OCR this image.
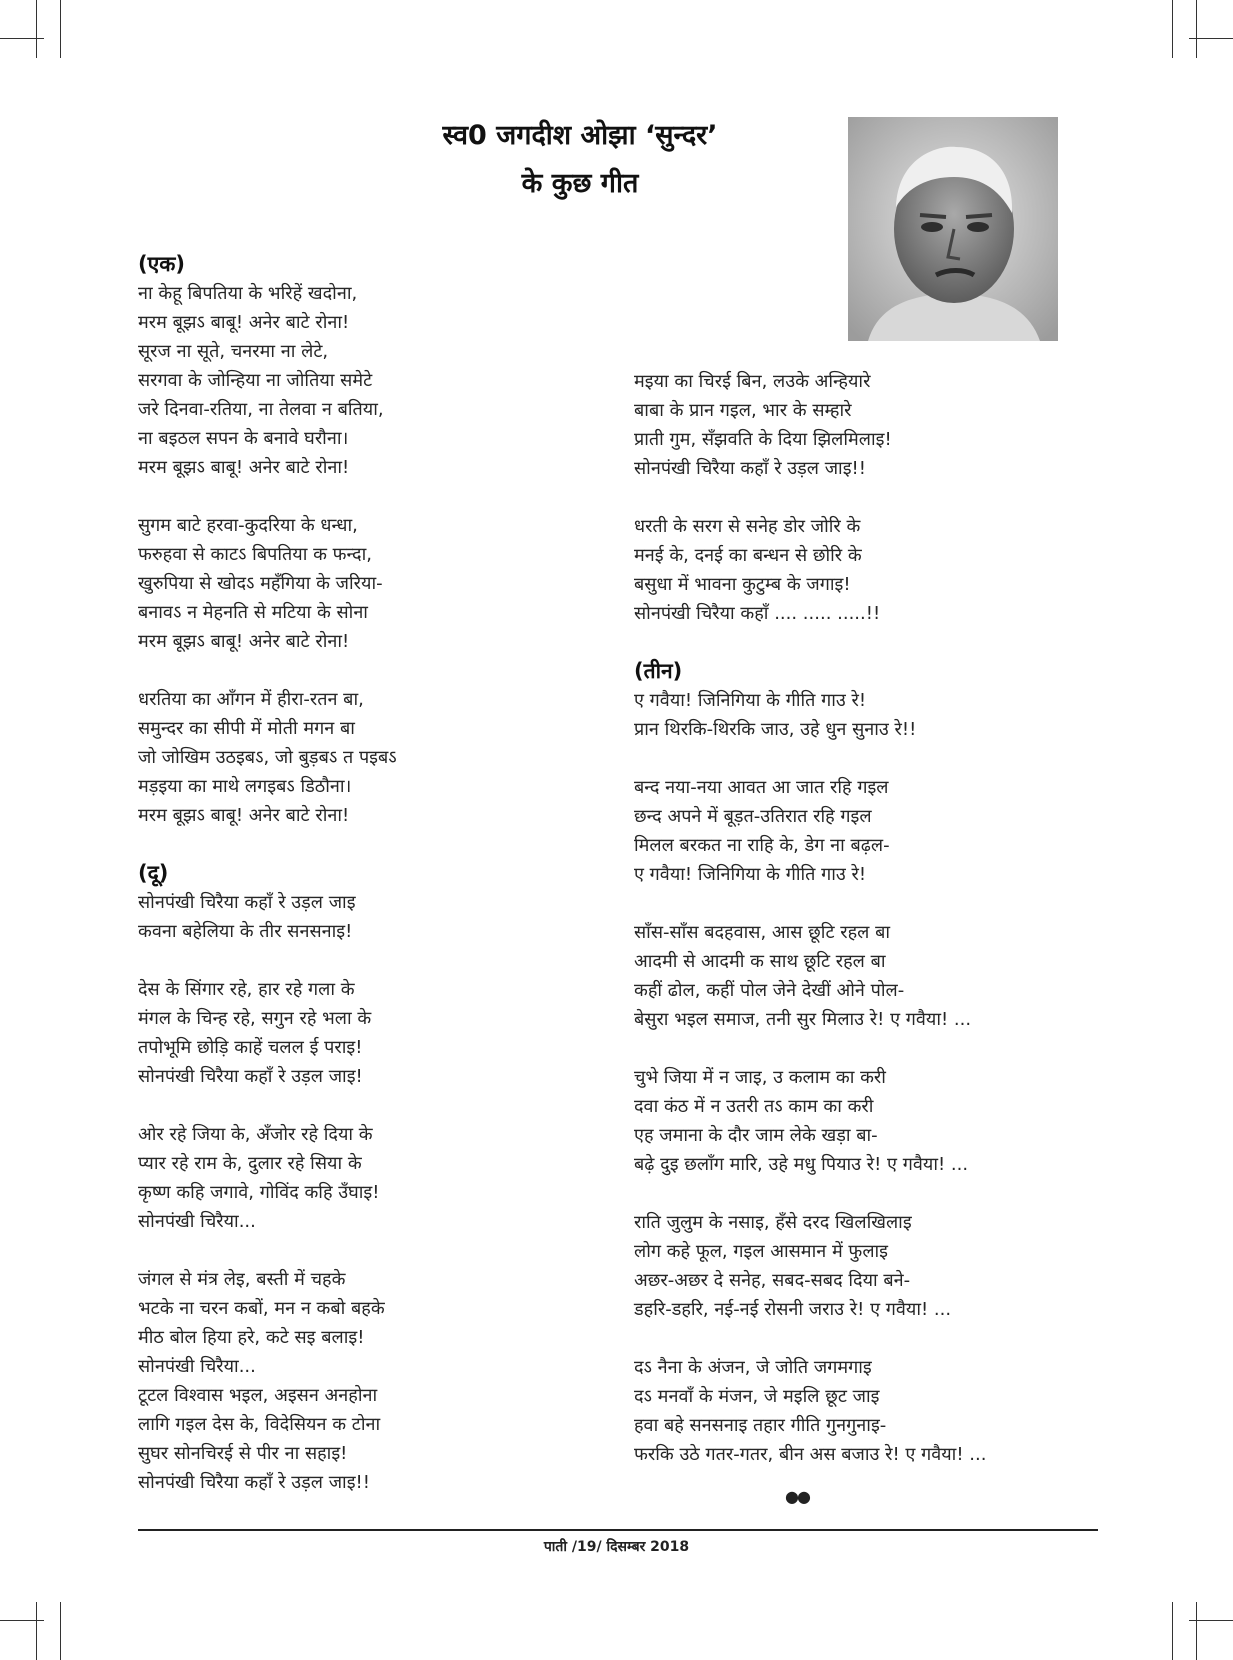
स्व0 जगदीश ओझा ‘सुन्दर’
के कुछ गीत
(एक)
ना केहू बिपतिया के भरिहें खदोना,
मरम बूझऽ बाबू! अनेर बाटे रोना!
सूरज ना सूते, चनरमा ना लेटे,
सरगवा के जोन्हिया ना जोतिया समेटे
जरे दिनवा-रतिया, ना तेलवा न बतिया,
ना बइठल सपन के बनावे घरौना।
मरम बूझऽ बाबू! अनेर बाटे रोना!
सुगम बाटे हरवा-कुदरिया के धन्धा,
फरुहवा से काटऽ बिपतिया क फन्दा,
खुरुपिया से खोदऽ महँगिया के जरिया-
बनावऽ न मेहनति से मटिया के सोना
मरम बूझऽ बाबू! अनेर बाटे रोना!
धरतिया का आँगन में हीरा-रतन बा,
समुन्दर का सीपी में मोती मगन बा
जो जोखिम उठइबऽ, जो बुड़बऽ त पइबऽ
मड़इया का माथे लगइबऽ डिठौना।
मरम बूझऽ बाबू! अनेर बाटे रोना!
(दू)
सोनपंखी चिरैया कहाँ रे उड़ल जाइ
कवना बहेलिया के तीर सनसनाइ!
देस के सिंगार रहे, हार रहे गला के
मंगल के चिन्ह रहे, सगुन रहे भला के
तपोभूमि छोड़ि काहें चलल ई पराइ!
सोनपंखी चिरैया कहाँ रे उड़ल जाइ!
ओर रहे जिया के, अँजोर रहे दिया के
प्यार रहे राम के, दुलार रहे सिया के
कृष्ण कहि जगावे, गोविंद कहि उँघाइ!
सोनपंखी चिरैया...
जंगल से मंत्र लेइ, बस्ती में चहके
भटके ना चरन कबों, मन न कबो बहके
मीठ बोल हिया हरे, कटे सइ बलाइ!
सोनपंखी चिरैया...
टूटल विश्वास भइल, अइसन अनहोना
लागि गइल देस के, विदेसियन क टोना
सुघर सोनचिरई से पीर ना सहाइ!
सोनपंखी चिरैया कहाँ रे उड़ल जाइ!!
मइया का चिरई बिन, लउके अन्हियारे
बाबा के प्रान गइल, भार के सम्हारे
प्राती गुम, सँझवति के दिया झिलमिलाइ!
सोनपंखी चिरैया कहाँ रे उड़ल जाइ!!
धरती के सरग से सनेह डोर जोरि के
मनई के, दनई का बन्धन से छोरि के
बसुधा में भावना कुटुम्ब के जगाइ!
सोनपंखी चिरैया कहाँ .... ..... .....!!
(तीन)
ए गवैया! जिनिगिया के गीति गाउ रे!
प्रान थिरकि-थिरकि जाउ, उहे धुन सुनाउ रे!!
बन्द नया-नया आवत आ जात रहि गइल
छन्द अपने में बूड़त-उतिरात रहि गइल
मिलल बरकत ना राहि के, डेग ना बढ़ल-
ए गवैया! जिनिगिया के गीति गाउ रे!
साँस-साँस बदहवास, आस छूटि रहल बा
आदमी से आदमी क साथ छूटि रहल बा
कहीं ढोल, कहीं पोल जेने देखीं ओने पोल-
बेसुरा भइल समाज, तनी सुर मिलाउ रे! ए गवैया! ...
चुभे जिया में न जाइ, उ कलाम का करी
दवा कंठ में न उतरी तऽ काम का करी
एह जमाना के दौर जाम लेके खड़ा बा-
बढ़े दुइ छलाँग मारि, उहे मधु पियाउ रे! ए गवैया! ...
राति जुलुम के नसाइ, हँसे दरद खिलखिलाइ
लोग कहे फूल, गइल आसमान में फुलाइ
अछर-अछर दे सनेह, सबद-सबद दिया बने-
डहरि-डहरि, नई-नई रोसनी जराउ रे! ए गवैया! ...
दऽ नैना के अंजन, जे जोति जगमगाइ
दऽ मनवाँ के मंजन, जे मइलि छूट जाइ
हवा बहे सनसनाइ तहार गीति गुनगुनाइ-
फरकि उठे गतर-गतर, बीन अस बजाउ रे! ए गवैया! ...
●●
पाती /19/ दिसम्बर 2018
